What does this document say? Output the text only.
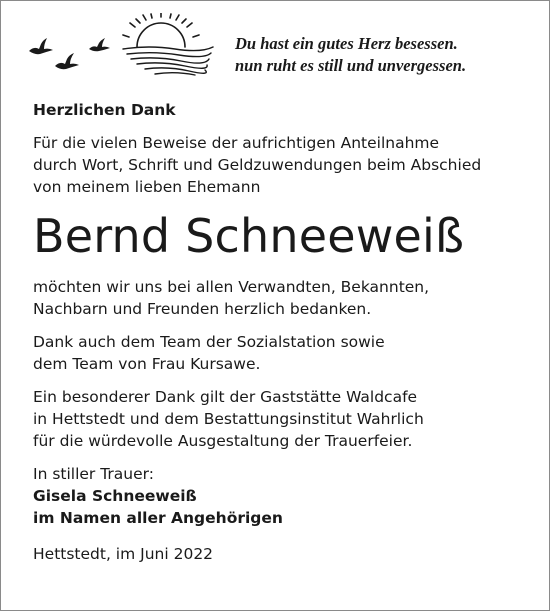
Du hast ein gutes Herz besessen.
nun ruht es still und unvergessen.
Herzlichen Dank
Für die vielen Beweise der aufrichtigen Anteilnahme
durch Wort, Schrift und Geldzuwendungen beim Abschied
von meinem lieben Ehemann
Bernd Schneeweiß
möchten wir uns bei allen Verwandten, Bekannten,
Nachbarn und Freunden herzlich bedanken.
Dank auch dem Team der Sozialstation sowie
dem Team von Frau Kursawe.
Ein besonderer Dank gilt der Gaststätte Waldcafe
in Hettstedt und dem Bestattungsinstitut Wahrlich
für die würdevolle Ausgestaltung der Trauerfeier.
In stiller Trauer:
Gisela Schneeweiß
im Namen aller Angehörigen
Hettstedt, im Juni 2022
